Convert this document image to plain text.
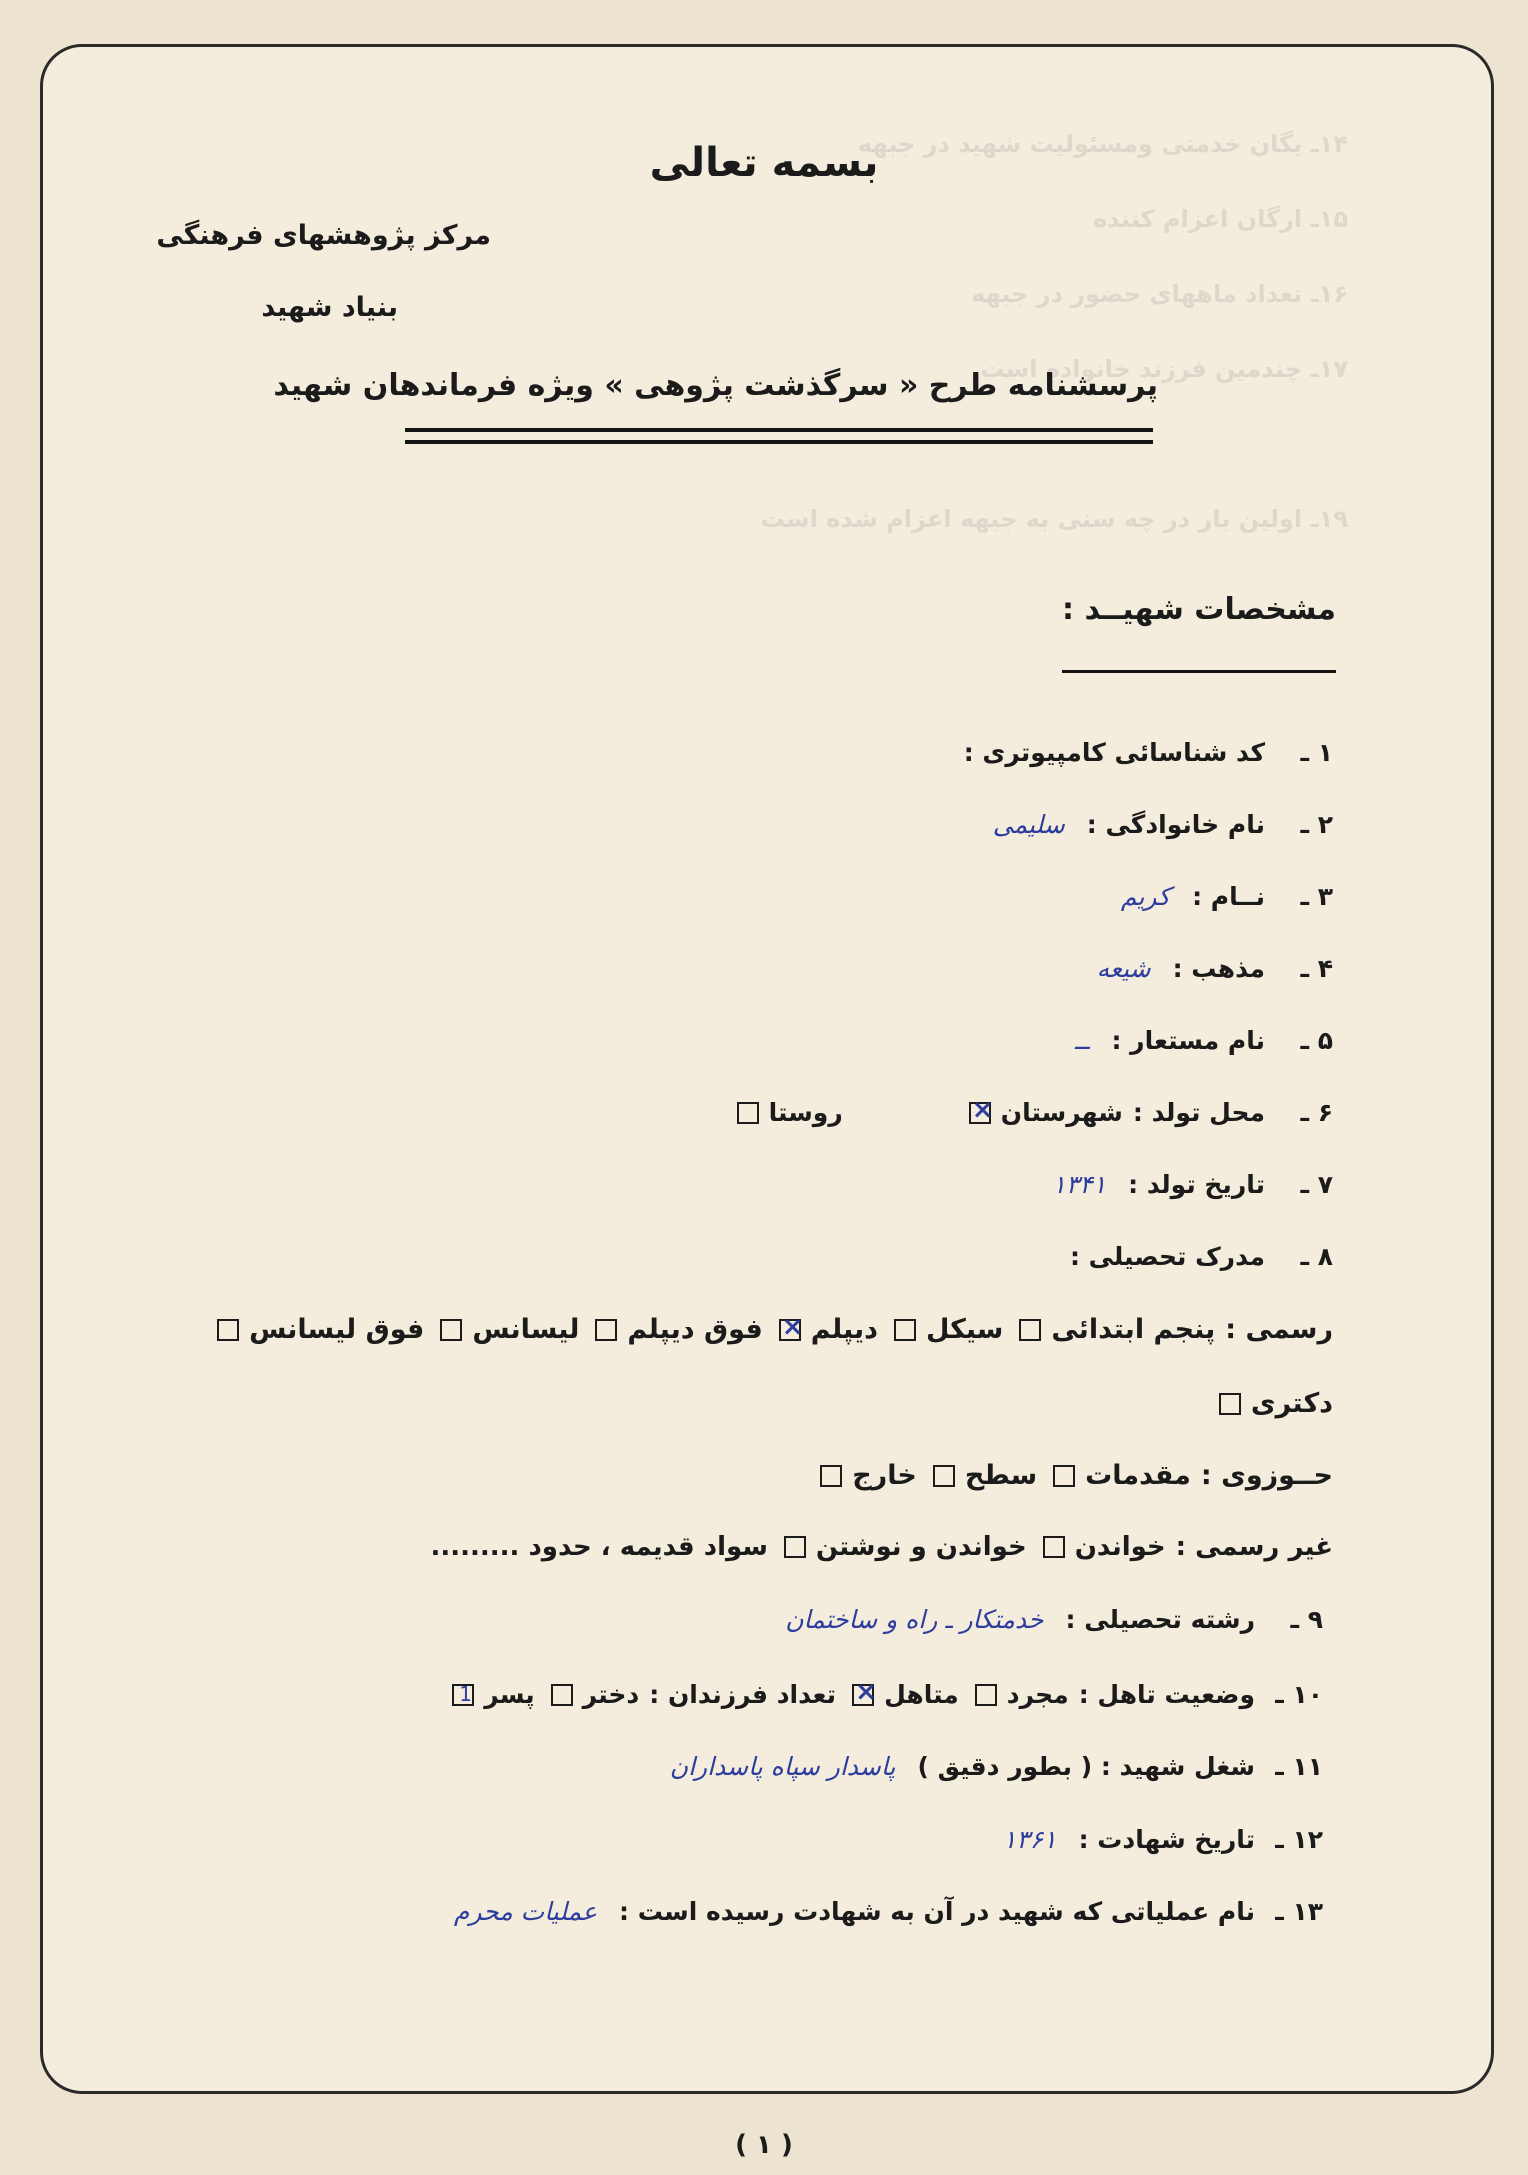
۱۴ـ یگان خدمتی ومسئولیت شهید در جبهه
۱۵ـ ارگان اعزام کننده
۱۶ـ تعداد ماههای حضور در جبهه
۱۷ـ چندمین فرزند خانواده است
۱۹ـ اولین بار در چه سنی به جبهه اعزام شده است
بسمه تعالی
مرکز پژوهشهای فرهنگی
بنیاد شهید
پرسشنامه طرح « سرگذشت پژوهی » ویژه فرماندهان شهید
مشخصات شهیــد :
۱ ـ
کد شناسائی کامپیوتری :
۲ ـ
نام خانوادگی :
سلیمی
۳ ـ
نــام :
کریم
۴ ـ
مذهب :
شیعه
۵ ـ
نام مستعار :
ــ
۶ ـ
محل تولد :
شهرستان
×
روستا
۷ ـ
تاریخ تولد :
۱۳۴۱
۸ ـ
مدرک تحصیلی :
رسمی :
پنجم ابتدائی
سیکل
دیپلم
×
فوق دیپلم
لیسانس
فوق لیسانس
دکتری
حــوزوی :
مقدمات
سطح
خارج
غیر رسمی :
خواندن
خواندن و نوشتن
سواد قدیمه ، حدود .........
۹ ـ
رشته تحصیلی :
خدمتکار ـ راه و ساختمان
۱۰ ـ
وضعیت تاهل :
مجرد
متاهل
×
تعداد فرزندان :
دختر
پسر
1
۱۱ ـ
شغل شهید : ( بطور دقیق )
پاسدار سپاه پاسداران
۱۲ ـ
تاریخ شهادت :
۱۳۶۱
۱۳ ـ
نام عملیاتی که شهید در آن به شهادت رسیده است :
عملیات محرم
( ۱ )
